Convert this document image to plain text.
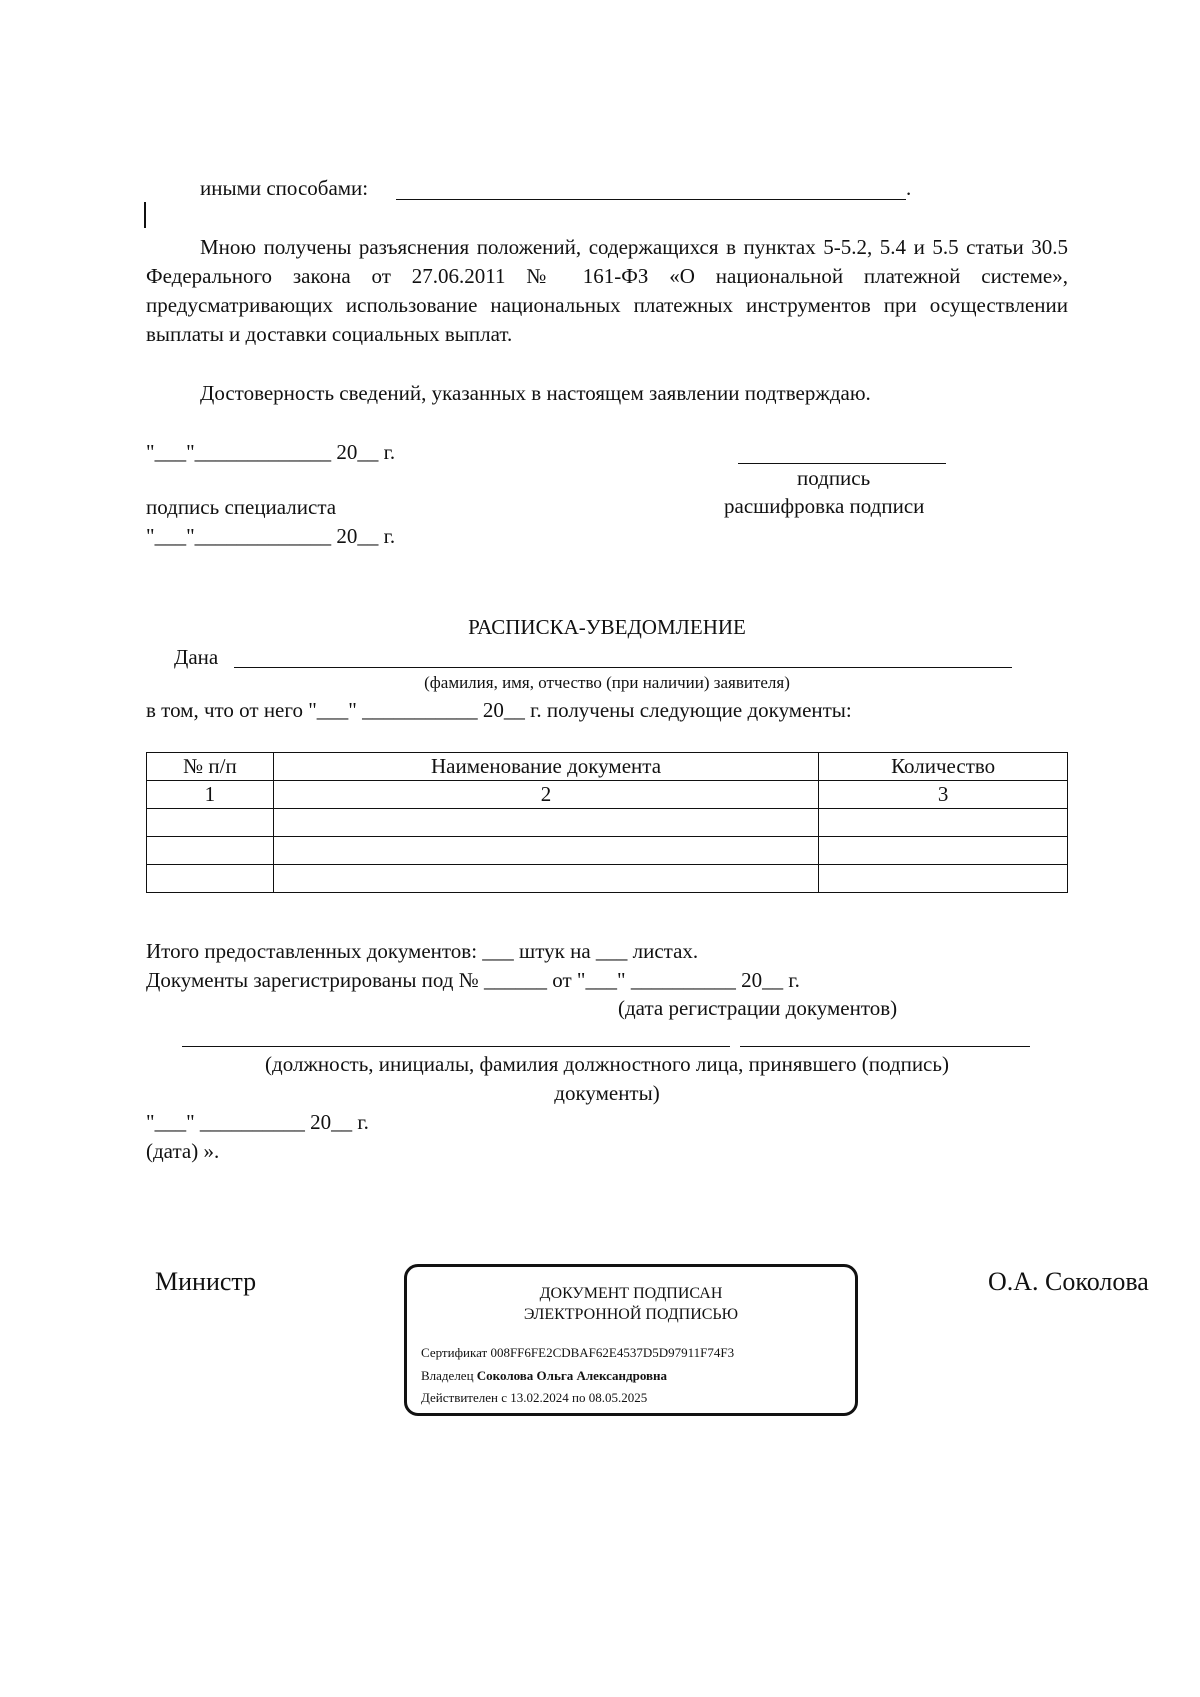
иными способами:	.
Мною получены разъяснения положений, содержащихся в пунктах 5-5.2, 5.4 и 5.5 статьи 30.5 Федерального закона от 27.06.2011 № 161-ФЗ «О национальной платежной системе», предусматривающих использование национальных платежных инструментов при осуществлении выплаты и доставки социальных выплат.
Достоверность сведений, указанных в настоящем заявлении подтверждаю.
"___"_____________ 20__ г.
подпись
подпись специалиста	расшифровка подписи
"___"_____________ 20__ г.
РАСПИСКА-УВЕДОМЛЕНИЕ
Дана
(фамилия, имя, отчество (при наличии) заявителя)
в том, что от него "___" ___________ 20__ г. получены следующие документы:
№ п/п	Наименование документа	Количество
1	2	3

Итого предоставленных документов: ___ штук на ___ листах.
Документы зарегистрированы под № ______ от "___" __________ 20__ г.
(дата регистрации документов)
(должность, инициалы, фамилия должностного лица, принявшего (подпись)
документы)
"___" __________ 20__ г.
(дата) ».
Министр	О.А. Соколова
ДОКУМЕНТ ПОДПИСАН
ЭЛЕКТРОННОЙ ПОДПИСЬЮ
Сертификат 008FF6FE2CDBAF62E4537D5D97911F74F3
Владелец Соколова Ольга Александровна
Действителен с 13.02.2024 по 08.05.2025
